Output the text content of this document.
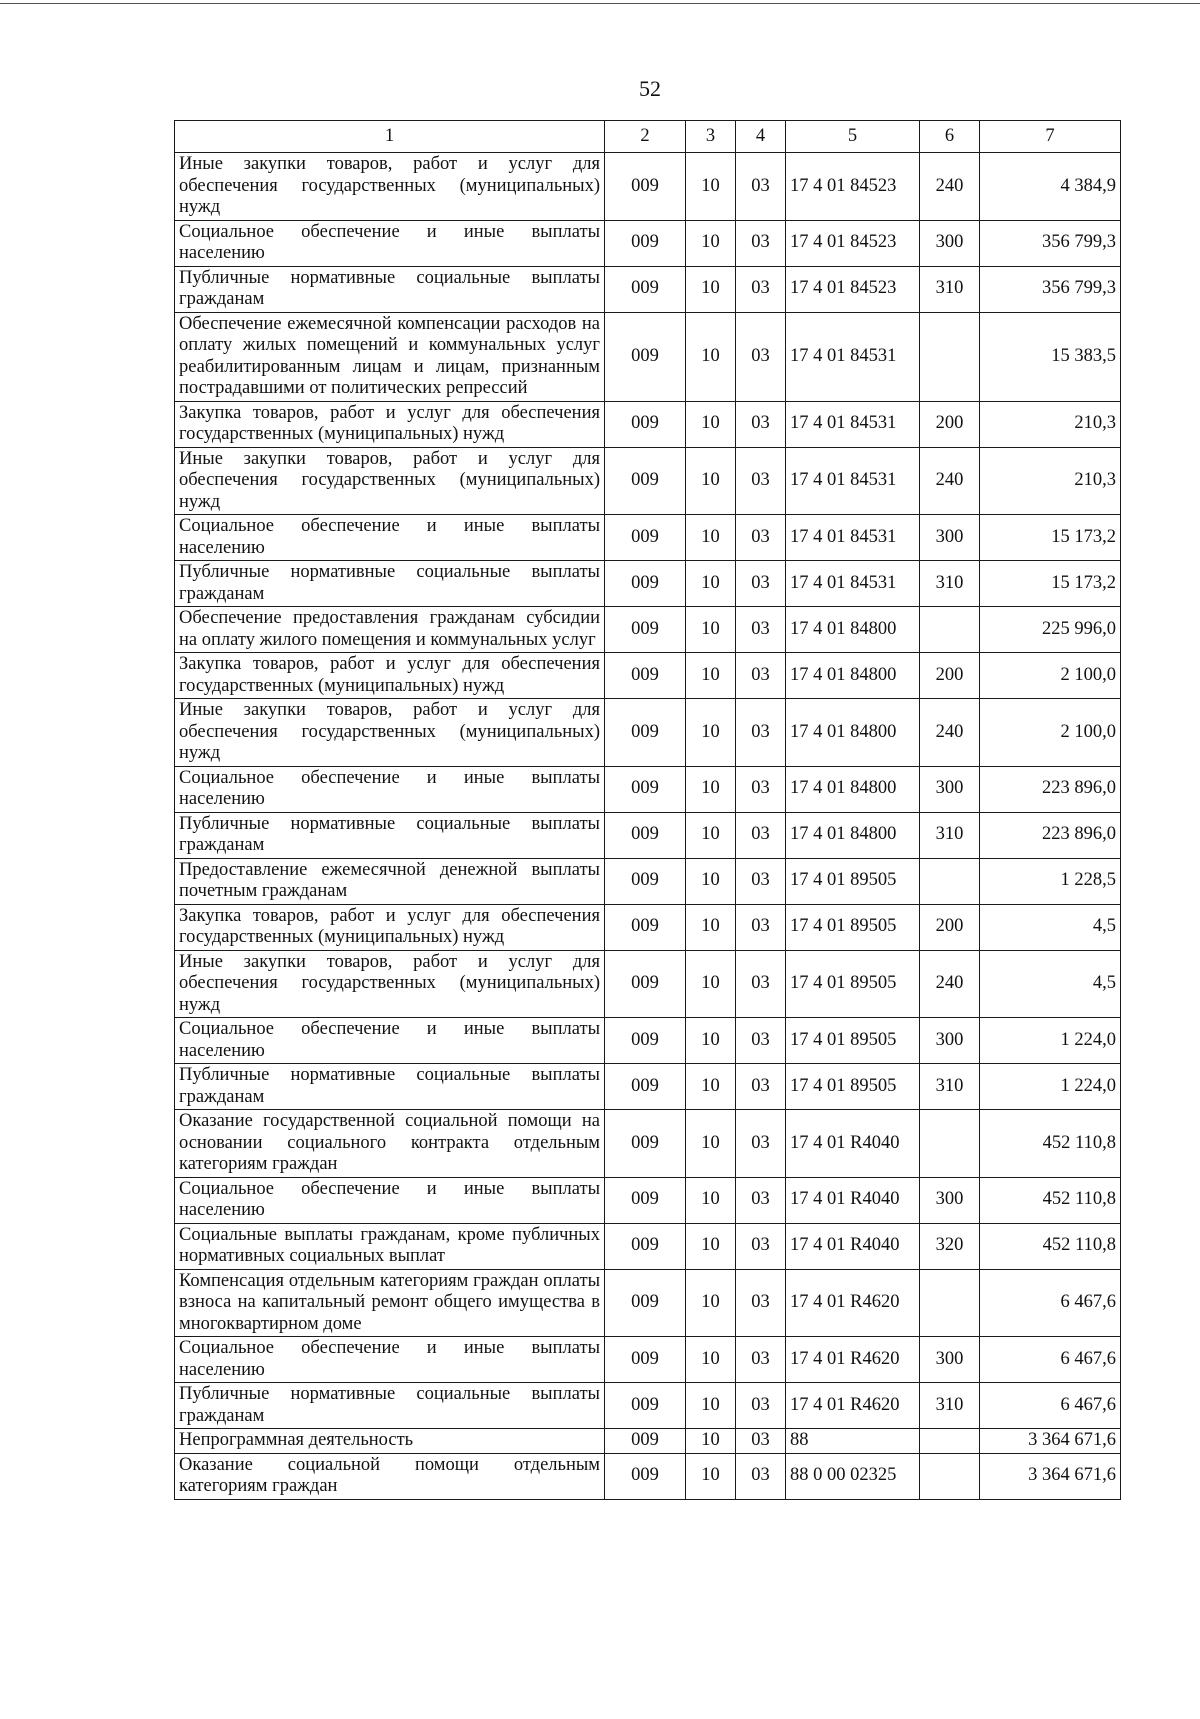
52
1	2	3	4	5	6	7
Иные закупки товаров, работ и услуг для обеспечения государственных (муниципальных) нужд	009	10	03	17 4 01 84523	240	4 384,9
Социальное обеспечение и иные выплаты населению	009	10	03	17 4 01 84523	300	356 799,3
Публичные нормативные социальные выплаты гражданам	009	10	03	17 4 01 84523	310	356 799,3
Обеспечение ежемесячной компенсации расходов на оплату жилых помещений и коммунальных услуг реабилитированным лицам и лицам, признанным пострадавшими от политических репрессий	009	10	03	17 4 01 84531		15 383,5
Закупка товаров, работ и услуг для обеспечения государственных (муниципальных) нужд	009	10	03	17 4 01 84531	200	210,3
Иные закупки товаров, работ и услуг для обеспечения государственных (муниципальных) нужд	009	10	03	17 4 01 84531	240	210,3
Социальное обеспечение и иные выплаты населению	009	10	03	17 4 01 84531	300	15 173,2
Публичные нормативные социальные выплаты гражданам	009	10	03	17 4 01 84531	310	15 173,2
Обеспечение предоставления гражданам субсидии на оплату жилого помещения и коммунальных услуг	009	10	03	17 4 01 84800		225 996,0
Закупка товаров, работ и услуг для обеспечения государственных (муниципальных) нужд	009	10	03	17 4 01 84800	200	2 100,0
Иные закупки товаров, работ и услуг для обеспечения государственных (муниципальных) нужд	009	10	03	17 4 01 84800	240	2 100,0
Социальное обеспечение и иные выплаты населению	009	10	03	17 4 01 84800	300	223 896,0
Публичные нормативные социальные выплаты гражданам	009	10	03	17 4 01 84800	310	223 896,0
Предоставление ежемесячной денежной выплаты почетным гражданам	009	10	03	17 4 01 89505		1 228,5
Закупка товаров, работ и услуг для обеспечения государственных (муниципальных) нужд	009	10	03	17 4 01 89505	200	4,5
Иные закупки товаров, работ и услуг для обеспечения государственных (муниципальных) нужд	009	10	03	17 4 01 89505	240	4,5
Социальное обеспечение и иные выплаты населению	009	10	03	17 4 01 89505	300	1 224,0
Публичные нормативные социальные выплаты гражданам	009	10	03	17 4 01 89505	310	1 224,0
Оказание государственной социальной помощи на основании социального контракта отдельным категориям граждан	009	10	03	17 4 01 R4040		452 110,8
Социальное обеспечение и иные выплаты населению	009	10	03	17 4 01 R4040	300	452 110,8
Социальные выплаты гражданам, кроме публичных нормативных социальных выплат	009	10	03	17 4 01 R4040	320	452 110,8
Компенсация отдельным категориям граждан оплаты взноса на капитальный ремонт общего имущества в многоквартирном доме	009	10	03	17 4 01 R4620		6 467,6
Социальное обеспечение и иные выплаты населению	009	10	03	17 4 01 R4620	300	6 467,6
Публичные нормативные социальные выплаты гражданам	009	10	03	17 4 01 R4620	310	6 467,6
Непрограммная деятельность	009	10	03	88		3 364 671,6
Оказание социальной помощи отдельным категориям граждан	009	10	03	88 0 00 02325		3 364 671,6
